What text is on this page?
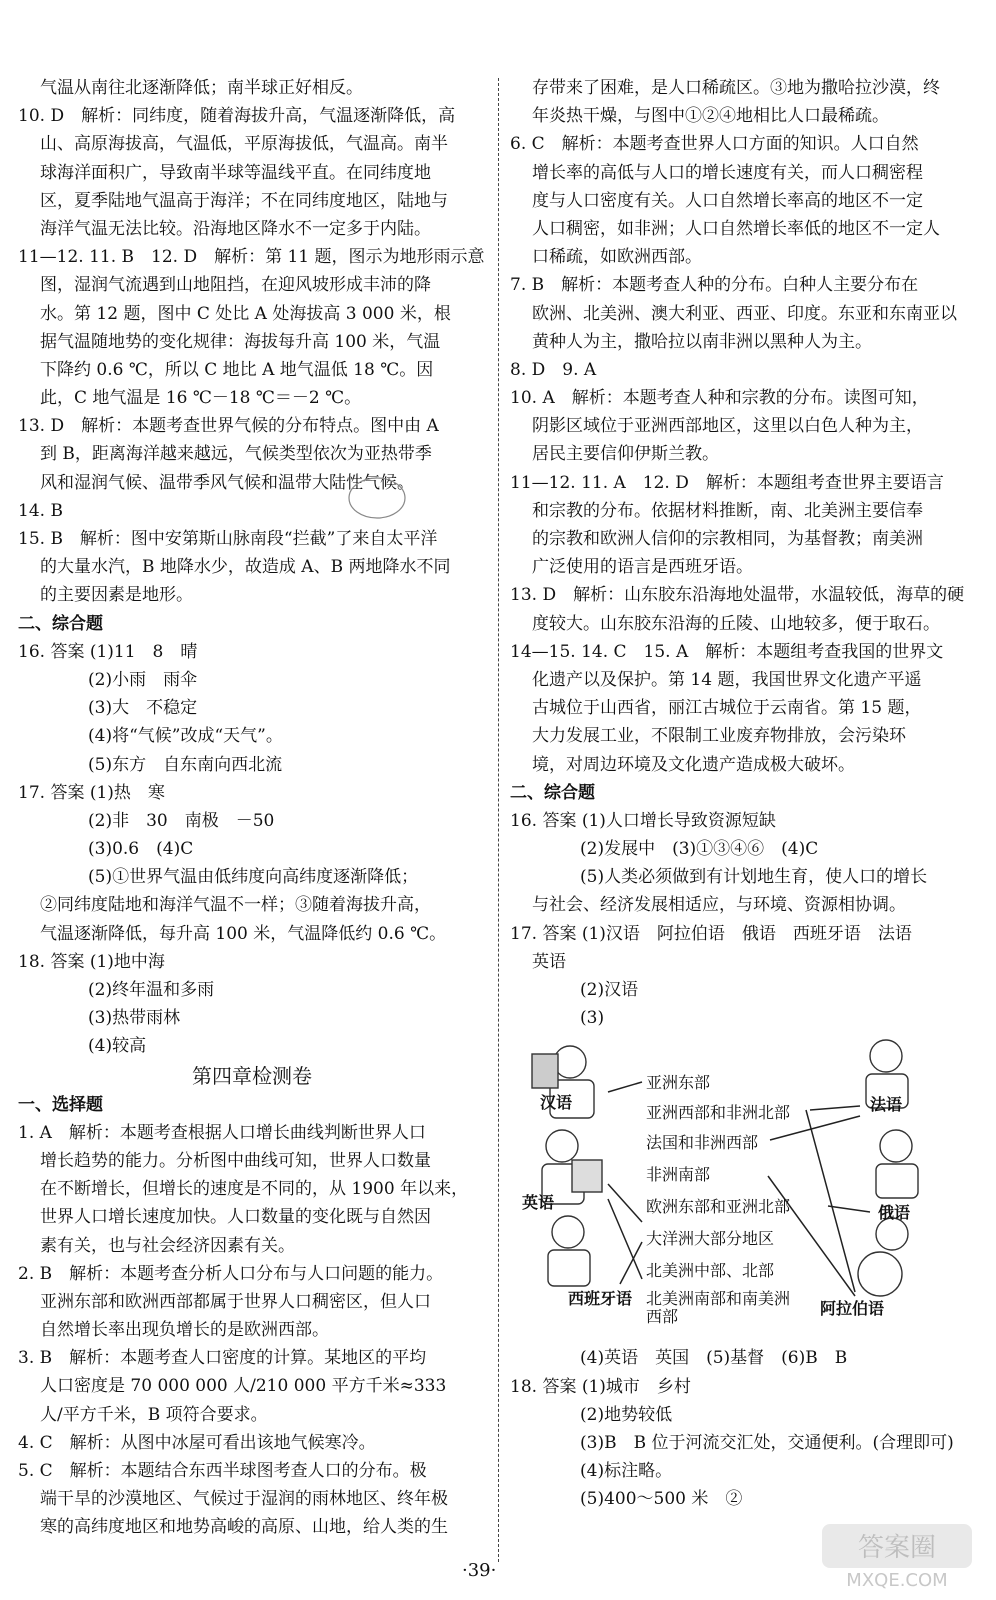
气温从南往北逐渐降低；南半球正好相反。
10. D　解析：同纬度，随着海拔升高，气温逐渐降低，高
山、高原海拔高，气温低，平原海拔低，气温高。南半
球海洋面积广，导致南半球等温线平直。在同纬度地
区，夏季陆地气温高于海洋；不在同纬度地区，陆地与
海洋气温无法比较。沿海地区降水不一定多于内陆。
11—12. 11. B　12. D　解析：第 11 题，图示为地形雨示意
图，湿润气流遇到山地阻挡，在迎风坡形成丰沛的降
水。第 12 题，图中 C 处比 A 处海拔高 3 000 米，根
据气温随地势的变化规律：海拔每升高 100 米，气温
下降约 0.6 ℃，所以 C 地比 A 地气温低 18 ℃。因
此，C 地气温是 16 ℃－18 ℃＝－2 ℃。
13. D　解析：本题考查世界气候的分布特点。图中由 A
到 B，距离海洋越来越远，气候类型依次为亚热带季
风和湿润气候、温带季风气候和温带大陆性气候。
14. B
15. B　解析：图中安第斯山脉南段“拦截”了来自太平洋
的大量水汽，B 地降水少，故造成 A、B 两地降水不同
的主要因素是地形。
二、综合题
16. 答案 (1)11　8　晴
(2)小雨　雨伞
(3)大　不稳定
(4)将“气候”改成“天气”。
(5)东方　自东南向西北流
17. 答案 (1)热　寒
(2)非　30　南极　－50
(3)0.6　(4)C
(5)①世界气温由低纬度向高纬度逐渐降低；
②同纬度陆地和海洋气温不一样；③随着海拔升高，
气温逐渐降低，每升高 100 米，气温降低约 0.6 ℃。
18. 答案 (1)地中海
(2)终年温和多雨
(3)热带雨林
(4)较高
第四章检测卷
一、选择题
1. A　解析：本题考查根据人口增长曲线判断世界人口
增长趋势的能力。分析图中曲线可知，世界人口数量
在不断增长，但增长的速度是不同的，从 1900 年以来，
世界人口增长速度加快。人口数量的变化既与自然因
素有关，也与社会经济因素有关。
2. B　解析：本题考查分析人口分布与人口问题的能力。
亚洲东部和欧洲西部都属于世界人口稠密区，但人口
自然增长率出现负增长的是欧洲西部。
3. B　解析：本题考查人口密度的计算。某地区的平均
人口密度是 70 000 000 人/210 000 平方千米≈333
人/平方千米，B 项符合要求。
4. C　解析：从图中冰屋可看出该地气候寒冷。
5. C　解析：本题结合东西半球图考查人口的分布。极
端干旱的沙漠地区、气候过于湿润的雨林地区、终年极
寒的高纬度地区和地势高峻的高原、山地，给人类的生
存带来了困难，是人口稀疏区。③地为撒哈拉沙漠，终
年炎热干燥，与图中①②④地相比人口最稀疏。
6. C　解析：本题考查世界人口方面的知识。人口自然
增长率的高低与人口的增长速度有关，而人口稠密程
度与人口密度有关。人口自然增长率高的地区不一定
人口稠密，如非洲；人口自然增长率低的地区不一定人
口稀疏，如欧洲西部。
7. B　解析：本题考查人种的分布。白种人主要分布在
欧洲、北美洲、澳大利亚、西亚、印度。东亚和东南亚以
黄种人为主，撒哈拉以南非洲以黑种人为主。
8. D　9. A
10. A　解析：本题考查人种和宗教的分布。读图可知，
阴影区域位于亚洲西部地区，这里以白色人种为主，
居民主要信仰伊斯兰教。
11—12. 11. A　12. D　解析：本题组考查世界主要语言
和宗教的分布。依据材料推断，南、北美洲主要信奉
的宗教和欧洲人信仰的宗教相同，为基督教；南美洲
广泛使用的语言是西班牙语。
13. D　解析：山东胶东沿海地处温带，水温较低，海草的硬
度较大。山东胶东沿海的丘陵、山地较多，便于取石。
14—15. 14. C　15. A　解析：本题组考查我国的世界文
化遗产以及保护。第 14 题，我国世界文化遗产平遥
古城位于山西省，丽江古城位于云南省。第 15 题，
大力发展工业，不限制工业废弃物排放，会污染环
境，对周边环境及文化遗产造成极大破坏。
二、综合题
16. 答案 (1)人口增长导致资源短缺
(2)发展中　(3)①③④⑥　(4)C
(5)人类必须做到有计划地生育，使人口的增长
与社会、经济发展相适应，与环境、资源相协调。
17. 答案 (1)汉语　阿拉伯语　俄语　西班牙语　法语
英语
(2)汉语
(3)
汉语
英语
西班牙语
法语
俄语
阿拉伯语
亚洲东部
亚洲西部和非洲北部
法国和非洲西部
非洲南部
欧洲东部和亚洲北部
大洋洲大部分地区
北美洲中部、北部
北美洲南部和南美洲
西部
(4)英语　英国　(5)基督　(6)B　B
18. 答案 (1)城市　乡村
(2)地势较低
(3)B　B 位于河流交汇处，交通便利。(合理即可)
(4)标注略。
(5)400～500 米　②
·39·
答案圈
MXQE.COM
